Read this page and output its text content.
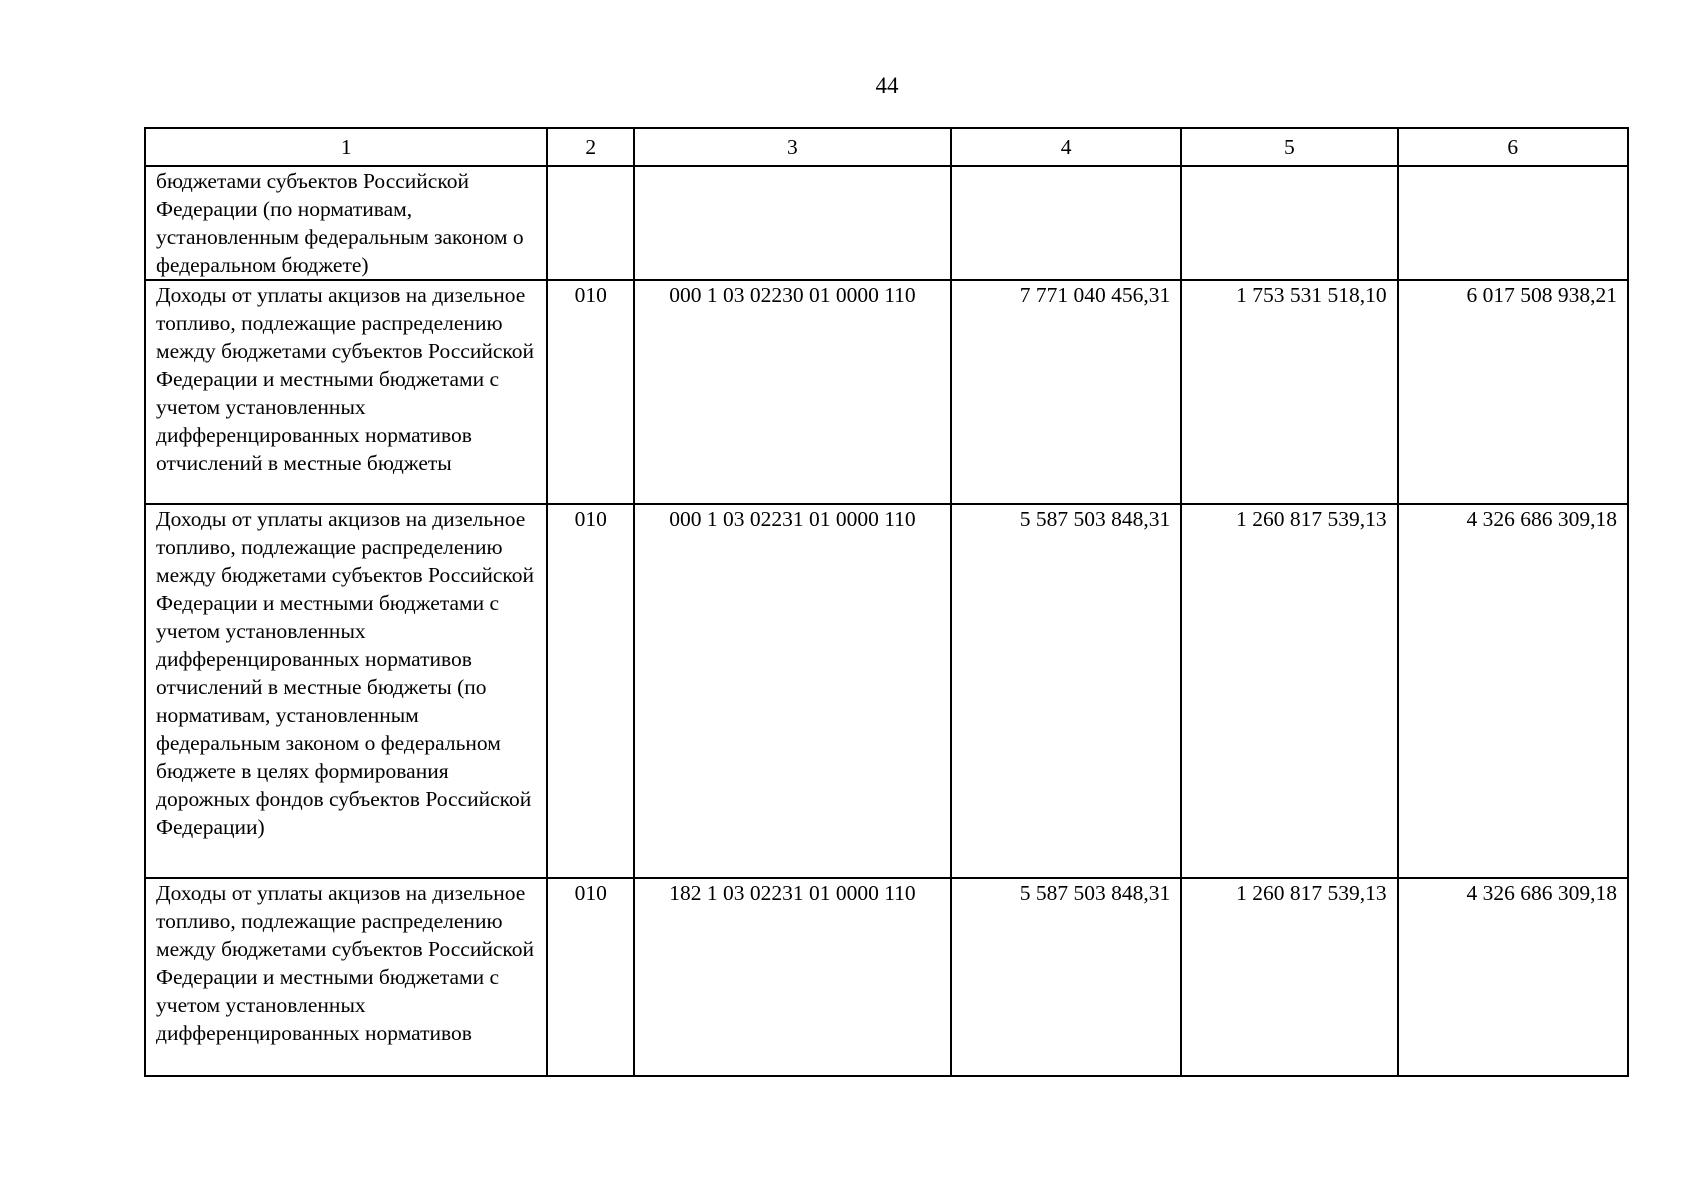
44
1	2	3	4	5	6
бюджетами субъектов Российской Федерации (по нормативам, установленным федеральным законом о федеральном бюджете)					
Доходы от уплаты акцизов на дизельное топливо, подлежащие распределению между бюджетами субъектов Российской Федерации и местными бюджетами с учетом установленных дифференцированных нормативов отчислений в местные бюджеты	010	000 1 03 02230 01 0000 110	7 771 040 456,31	1 753 531 518,10	6 017 508 938,21
Доходы от уплаты акцизов на дизельное топливо, подлежащие распределению между бюджетами субъектов Российской Федерации и местными бюджетами с учетом установленных дифференцированных нормативов отчислений в местные бюджеты (по нормативам, установленным федеральным законом о федеральном бюджете в целях формирования дорожных фондов субъектов Российской Федерации)	010	000 1 03 02231 01 0000 110	5 587 503 848,31	1 260 817 539,13	4 326 686 309,18
Доходы от уплаты акцизов на дизельное топливо, подлежащие распределению между бюджетами субъектов Российской Федерации и местными бюджетами с учетом установленных дифференцированных нормативов	010	182 1 03 02231 01 0000 110	5 587 503 848,31	1 260 817 539,13	4 326 686 309,18
